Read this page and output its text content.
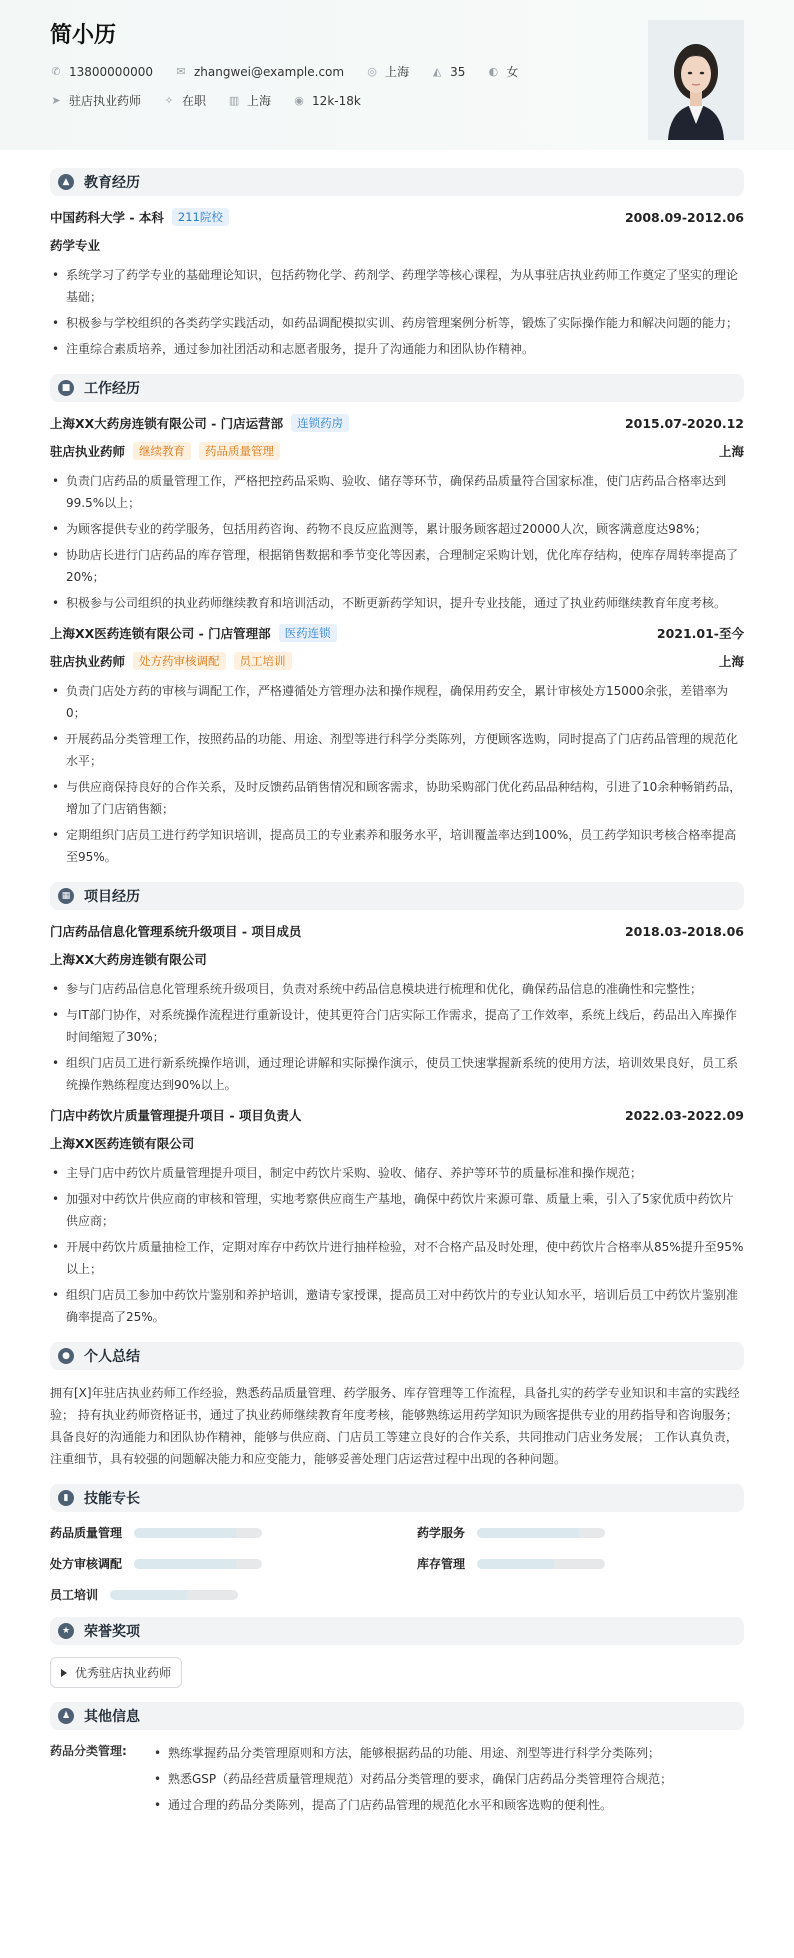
简小历
✆ 13800000000 ✉ zhangwei@example.com ◎ 上海 ◭ 35 ◐ 女
➤ 驻店执业药师 ✧ 在职 ▥ 上海 ◉ 12k-18k
▲	教育经历
中国药科大学 - 本科	211院校	2008.09-2012.06
药学专业
• 系统学习了药学专业的基础理论知识，包括药物化学、药剂学、药理学等核心课程，为从事驻店执业药师工作奠定了坚实的理论基础；
• 积极参与学校组织的各类药学实践活动，如药品调配模拟实训、药房管理案例分析等，锻炼了实际操作能力和解决问题的能力；
• 注重综合素质培养，通过参加社团活动和志愿者服务，提升了沟通能力和团队协作精神。
■ 工作经历
上海XX大药房连锁有限公司 - 门店运营部	连锁药房	2015.07-2020.12
驻店执业药师	继续教育	药品质量管理	上海
• 负责门店药品的质量管理工作，严格把控药品采购、验收、储存等环节，确保药品质量符合国家标准，使门店药品合格率达到99.5%以上；
• 为顾客提供专业的药学服务，包括用药咨询、药物不良反应监测等，累计服务顾客超过20000人次，顾客满意度达98%；
• 协助店长进行门店药品的库存管理，根据销售数据和季节变化等因素，合理制定采购计划，优化库存结构，使库存周转率提高了20%；
• 积极参与公司组织的执业药师继续教育和培训活动，不断更新药学知识，提升专业技能，通过了执业药师继续教育年度考核。
上海XX医药连锁有限公司 - 门店管理部	医药连锁	2021.01-至今
驻店执业药师	处方药审核调配	员工培训	上海
• 负责门店处方药的审核与调配工作，严格遵循处方管理办法和操作规程，确保用药安全，累计审核处方15000余张，差错率为0；
• 开展药品分类管理工作，按照药品的功能、用途、剂型等进行科学分类陈列，方便顾客选购，同时提高了门店药品管理的规范化水平；
• 与供应商保持良好的合作关系，及时反馈药品销售情况和顾客需求，协助采购部门优化药品品种结构，引进了10余种畅销药品，增加了门店销售额；
• 定期组织门店员工进行药学知识培训，提高员工的专业素养和服务水平，培训覆盖率达到100%，员工药学知识考核合格率提高至95%。
▦ 项目经历
门店药品信息化管理系统升级项目 - 项目成员	2018.03-2018.06
上海XX大药房连锁有限公司
• 参与门店药品信息化管理系统升级项目，负责对系统中药品信息模块进行梳理和优化，确保药品信息的准确性和完整性；
• 与IT部门协作，对系统操作流程进行重新设计，使其更符合门店实际工作需求，提高了工作效率，系统上线后，药品出入库操作时间缩短了30%；
• 组织门店员工进行新系统操作培训，通过理论讲解和实际操作演示，使员工快速掌握新系统的使用方法，培训效果良好，员工系统操作熟练程度达到90%以上。
门店中药饮片质量管理提升项目 - 项目负责人	2022.03-2022.09
上海XX医药连锁有限公司
• 主导门店中药饮片质量管理提升项目，制定中药饮片采购、验收、储存、养护等环节的质量标准和操作规范；
• 加强对中药饮片供应商的审核和管理，实地考察供应商生产基地，确保中药饮片来源可靠、质量上乘，引入了5家优质中药饮片供应商；
• 开展中药饮片质量抽检工作，定期对库存中药饮片进行抽样检验，对不合格产品及时处理，使中药饮片合格率从85%提升至95%以上；
• 组织门店员工参加中药饮片鉴别和养护培训，邀请专家授课，提高员工对中药饮片的专业认知水平，培训后员工中药饮片鉴别准确率提高了25%。
● 个人总结
拥有[X]年驻店执业药师工作经验，熟悉药品质量管理、药学服务、库存管理等工作流程，具备扎实的药学专业知识和丰富的实践经验； 持有执业药师资格证书，通过了执业药师继续教育年度考核，能够熟练运用药学知识为顾客提供专业的用药指导和咨询服务； 具备良好的沟通能力和团队协作精神，能够与供应商、门店员工等建立良好的合作关系，共同推动门店业务发展； 工作认真负责，注重细节，具有较强的问题解决能力和应变能力，能够妥善处理门店运营过程中出现的各种问题。
▮	技能专长
药品质量管理	药学服务
处方审核调配	库存管理
员工培训
★ 荣誉奖项
优秀驻店执业药师
♟ 其他信息
药品分类管理:
•	熟练掌握药品分类管理原则和方法，能够根据药品的功能、用途、剂型等进行科学分类陈列；
• 熟悉GSP（药品经营质量管理规范）对药品分类管理的要求，确保门店药品分类管理符合规范；
• 通过合理的药品分类陈列，提高了门店药品管理的规范化水平和顾客选购的便利性。
